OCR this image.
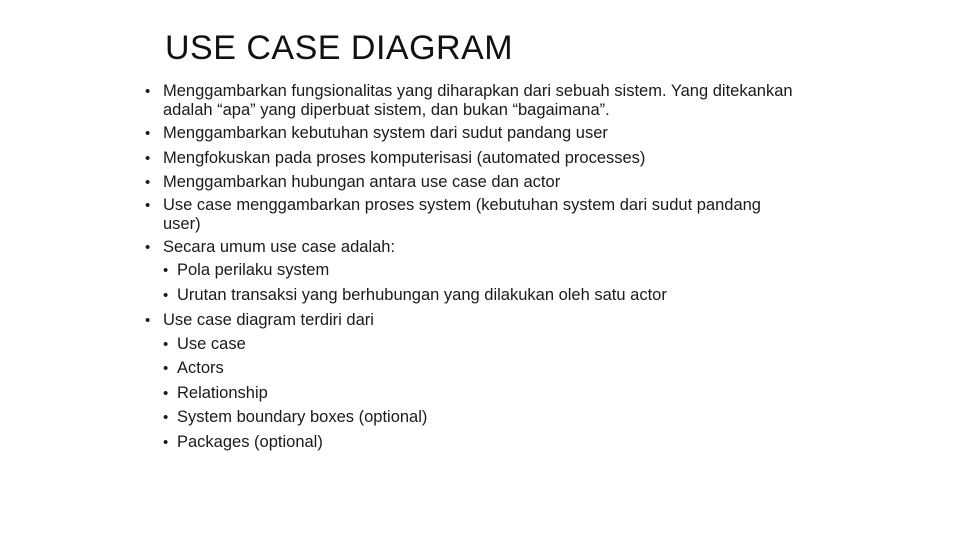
USE CASE DIAGRAM
• Menggambarkan fungsionalitas yang diharapkan dari sebuah sistem. Yang ditekankan adalah “apa” yang diperbuat sistem, dan bukan “bagaimana”.
• Menggambarkan kebutuhan system dari sudut pandang user
• Mengfokuskan pada proses komputerisasi (automated processes)
• Menggambarkan hubungan antara use case dan actor
• Use case menggambarkan proses system (kebutuhan system dari sudut pandang user)
• Secara umum use case adalah:
• Pola perilaku system
• Urutan transaksi yang berhubungan yang dilakukan oleh satu actor
• Use case diagram terdiri dari
• Use case
• Actors
• Relationship
• System boundary boxes (optional)
• Packages (optional)
